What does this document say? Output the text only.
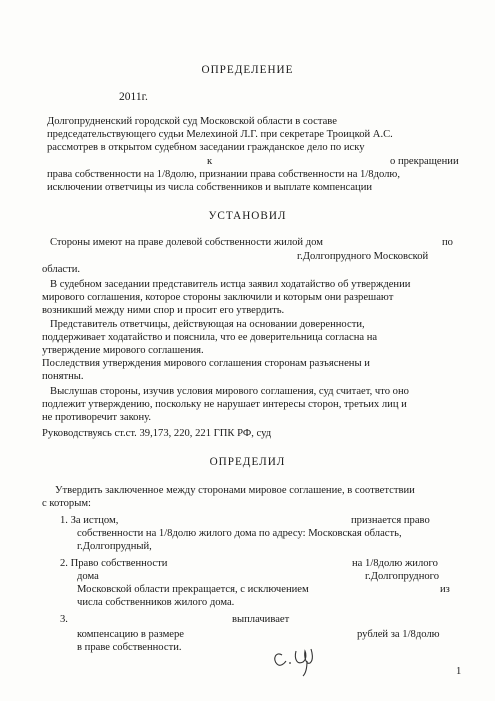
ОПРЕДЕЛЕНИЕ
2011г.
Долгопрудненский городской суд Московской области в составе
председательствующего судьи Мелехиной Л.Г. при секретаре Троицкой А.С.
рассмотрев в открытом судебном заседании гражданское дело по иску
к	о прекращении
права собственности на 1/8долю, признании права собственности на 1/8долю,
исключении ответчицы из числа собственников и выплате компенсации
УСТАНОВИЛ
Стороны имеют на праве долевой собственности жилой дом	по
г.Долгопрудного Московской
области.
В судебном заседании представитель истца заявил ходатайство об утверждении
мирового соглашения, которое стороны заключили и которым они разрешают
возникший между ними спор и просит его утвердить.
Представитель ответчицы, действующая на основании доверенности,
поддерживает ходатайство и пояснила, что ее доверительница согласна на
утверждение мирового соглашения.
Последствия утверждения мирового соглашения сторонам разъяснены и
понятны.
Выслушав стороны, изучив условия мирового соглашения, суд считает, что оно
подлежит утверждению, поскольку не нарушает интересы сторон, третьих лиц и
не противоречит закону.
Руководствуясь ст.ст. 39,173, 220, 221 ГПК РФ, суд
ОПРЕДЕЛИЛ
Утвердить заключенное между сторонами мировое соглашение, в соответствии
с которым:
1. За истцом,	признается право
собственности на 1/8долю жилого дома по адресу: Московская область,
г.Долгопрудный,
2. Право собственности	на 1/8долю жилого
дома	г.Долгопрудного
Московской области прекращается, с исключением	из
числа собственников жилого дома.
3.	выплачивает
компенсацию в размере	рублей за 1/8долю
в праве собственности.
1
